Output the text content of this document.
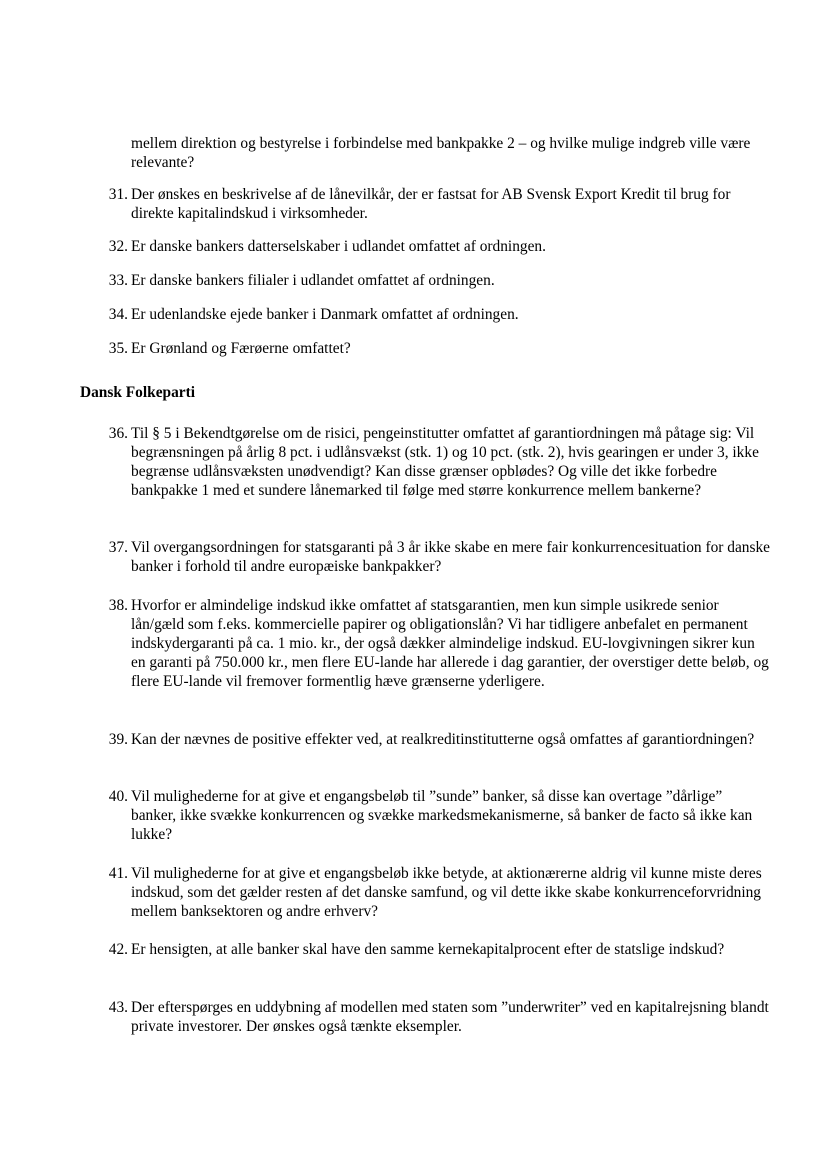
mellem direktion og bestyrelse i forbindelse med bankpakke 2 – og hvilke mulige indgreb ville være relevante?
31. Der ønskes en beskrivelse af de lånevilkår, der er fastsat for AB Svensk Export Kredit til brug for direkte kapitalindskud i virksomheder.
32. Er danske bankers datterselskaber i udlandet omfattet af ordningen.
33. Er danske bankers filialer i udlandet omfattet af ordningen.
34. Er udenlandske ejede banker i Danmark omfattet af ordningen.
35. Er Grønland og Færøerne omfattet?
Dansk Folkeparti
36. Til § 5 i Bekendtgørelse om de risici, pengeinstitutter omfattet af garantiordningen må påtage sig: Vil begrænsningen på årlig 8 pct. i udlånsvækst (stk. 1) og 10 pct. (stk. 2), hvis gearingen er under 3, ikke begrænse udlånsvæksten unødvendigt? Kan disse grænser opblødes? Og ville det ikke forbedre bankpakke 1 med et sundere lånemarked til følge med større konkurrence mellem bankerne?
37. Vil overgangsordningen for statsgaranti på 3 år ikke skabe en mere fair konkurrencesituation for danske banker i forhold til andre europæiske bankpakker?
38. Hvorfor er almindelige indskud ikke omfattet af statsgarantien, men kun simple usikrede senior lån/gæld som f.eks. kommercielle papirer og obligationslån? Vi har tidligere anbefalet en permanent indskydergaranti på ca. 1 mio. kr., der også dækker almindelige indskud. EU-lovgivningen sikrer kun en garanti på 750.000 kr., men flere EU-lande har allerede i dag garantier, der overstiger dette beløb, og flere EU-lande vil fremover formentlig hæve grænserne yderligere.
39. Kan der nævnes de positive effekter ved, at realkreditinstitutterne også omfattes af garantiordningen?
40. Vil mulighederne for at give et engangsbeløb til ”sunde” banker, så disse kan overtage ”dårlige” banker, ikke svække konkurrencen og svække markedsmekanismerne, så banker de facto så ikke kan lukke?
41. Vil mulighederne for at give et engangsbeløb ikke betyde, at aktionærerne aldrig vil kunne miste deres indskud, som det gælder resten af det danske samfund, og vil dette ikke skabe konkurrenceforvridning mellem banksektoren og andre erhverv?
42. Er hensigten, at alle banker skal have den samme kernekapitalprocent efter de statslige indskud?
43. Der efterspørges en uddybning af modellen med staten som ”underwriter” ved en kapitalrejsning blandt private investorer. Der ønskes også tænkte eksempler.
